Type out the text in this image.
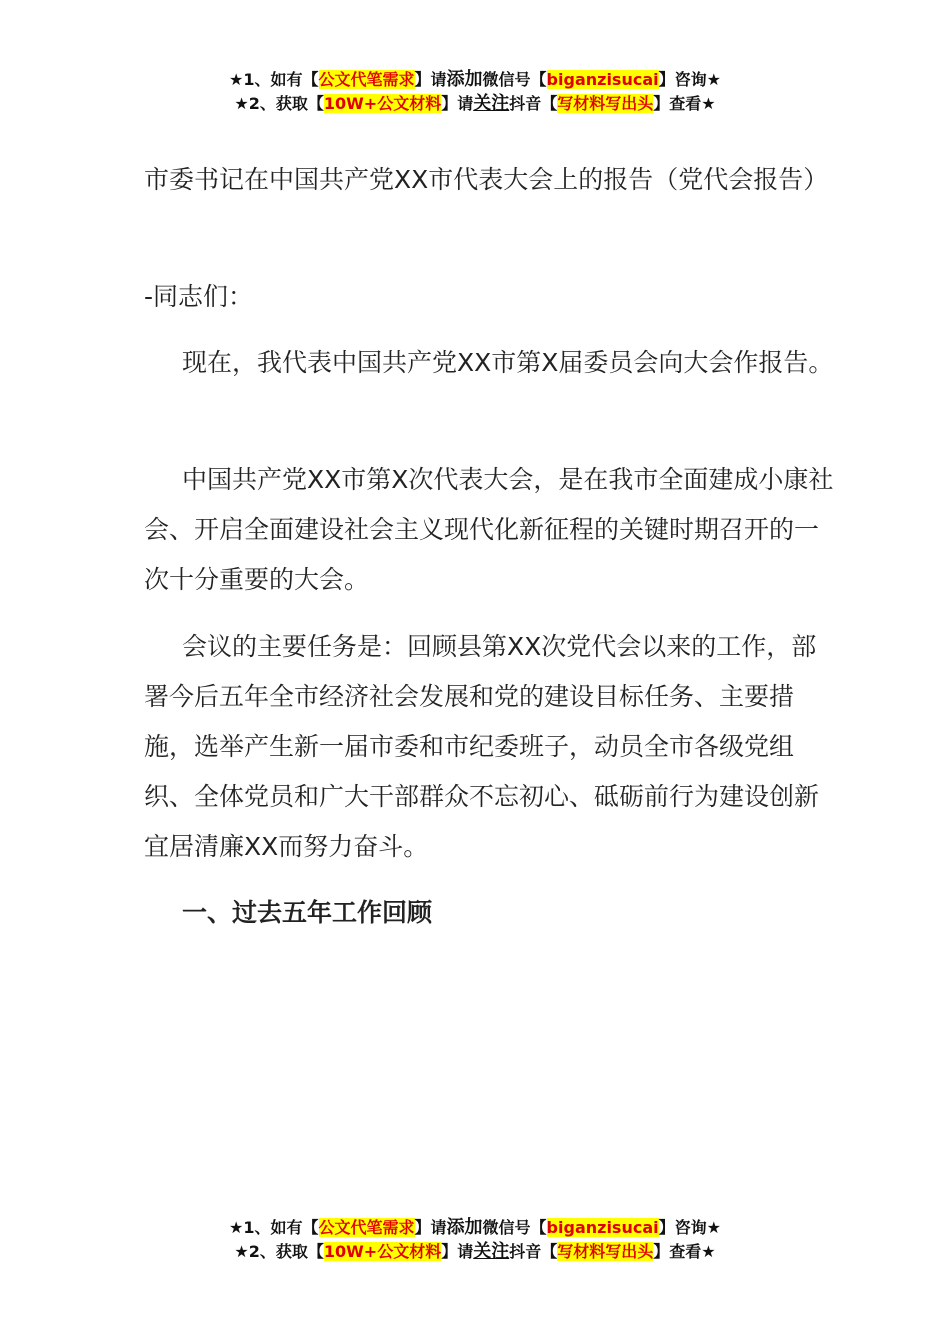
★1、如有【公文代笔需求】请添加微信号【biganzisucai】咨询★
★2、获取【10W+公文材料】请关注抖音【写材料写出头】查看★

市委书记在中国共产党XX市代表大会上的报告（党代会报告）

-同志们：

现在，我代表中国共产党XX市第X届委员会向大会作报告。

中国共产党XX市第X次代表大会，是在我市全面建成小康社会、开启全面建设社会主义现代化新征程的关键时期召开的一次十分重要的大会。

会议的主要任务是：回顾县第XX次党代会以来的工作，部署今后五年全市经济社会发展和党的建设目标任务、主要措施，选举产生新一届市委和市纪委班子，动员全市各级党组织、全体党员和广大干部群众不忘初心、砥砺前行为建设创新宜居清廉XX而努力奋斗。

一、过去五年工作回顾

★1、如有【公文代笔需求】请添加微信号【biganzisucai】咨询★
★2、获取【10W+公文材料】请关注抖音【写材料写出头】查看★
